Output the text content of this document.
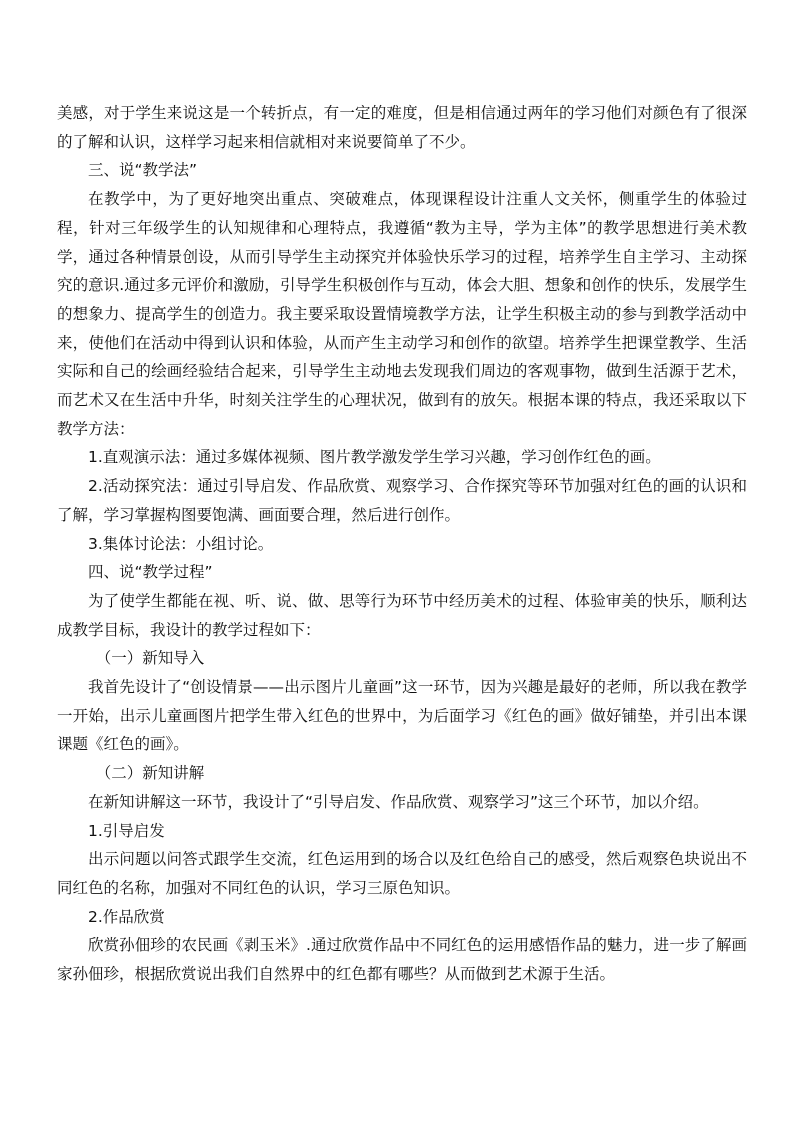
美感，对于学生来说这是一个转折点，有一定的难度，但是相信通过两年的学习他们对颜色有了很深的了解和认识，这样学习起来相信就相对来说要简单了不少。

三、说“教学法”

在教学中，为了更好地突出重点、突破难点，体现课程设计注重人文关怀，侧重学生的体验过程，针对三年级学生的认知规律和心理特点，我遵循“教为主导，学为主体”的教学思想进行美术教学，通过各种情景创设，从而引导学生主动探究并体验快乐学习的过程，培养学生自主学习、主动探究的意识.通过多元评价和激励，引导学生积极创作与互动，体会大胆、想象和创作的快乐，发展学生的想象力、提高学生的创造力。我主要采取设置情境教学方法，让学生积极主动的参与到教学活动中来，使他们在活动中得到认识和体验，从而产生主动学习和创作的欲望。培养学生把课堂教学、生活实际和自己的绘画经验结合起来，引导学生主动地去发现我们周边的客观事物，做到生活源于艺术，而艺术又在生活中升华，时刻关注学生的心理状况，做到有的放矢。根据本课的特点，我还采取以下教学方法：

1.直观演示法：通过多媒体视频、图片教学激发学生学习兴趣，学习创作红色的画。

2.活动探究法：通过引导启发、作品欣赏、观察学习、合作探究等环节加强对红色的画的认识和了解，学习掌握构图要饱满、画面要合理，然后进行创作。

3.集体讨论法：小组讨论。

四、说“教学过程”

为了使学生都能在视、听、说、做、思等行为环节中经历美术的过程、体验审美的快乐，顺利达成教学目标，我设计的教学过程如下：

（一）新知导入

我首先设计了“创设情景——出示图片儿童画”这一环节，因为兴趣是最好的老师，所以我在教学一开始，出示儿童画图片把学生带入红色的世界中，为后面学习《红色的画》做好铺垫，并引出本课课题《红色的画》。

（二）新知讲解

在新知讲解这一环节，我设计了“引导启发、作品欣赏、观察学习”这三个环节，加以介绍。

1.引导启发

出示问题以问答式跟学生交流，红色运用到的场合以及红色给自己的感受，然后观察色块说出不同红色的名称，加强对不同红色的认识，学习三原色知识。

2.作品欣赏

欣赏孙佃珍的农民画《剥玉米》.通过欣赏作品中不同红色的运用感悟作品的魅力，进一步了解画家孙佃珍，根据欣赏说出我们自然界中的红色都有哪些？从而做到艺术源于生活。
